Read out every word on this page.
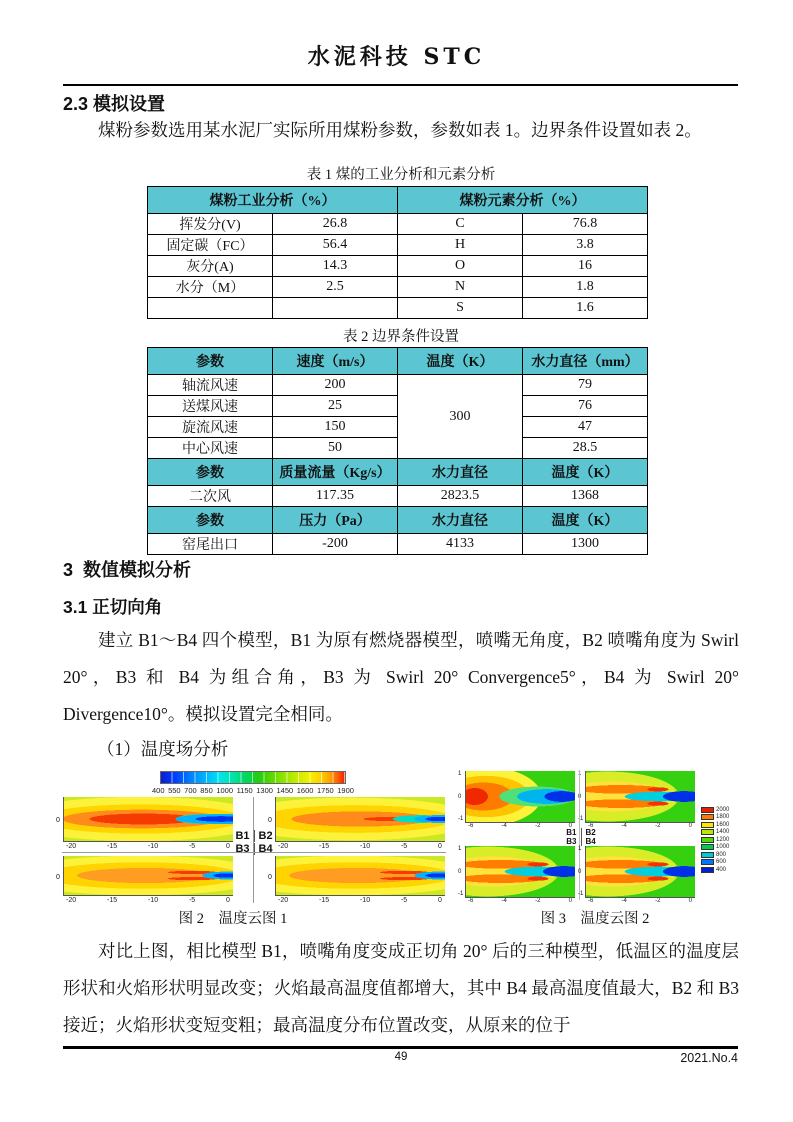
水泥科技 STC
2.3 模拟设置
煤粉参数选用某水泥厂实际所用煤粉参数，参数如表 1。边界条件设置如表 2。
表 1 煤的工业分析和元素分析
煤粉工业分析（%）		煤粉元素分析（%）	
挥发分(V)	26.8	C	76.8
固定碳（FC）	56.4	H	3.8
灰分(A)	14.3	O	16
水分（M）	2.5	N	1.8
		S	1.6
表 2 边界条件设置
参数	速度（m/s）	温度（K）	水力直径（mm）
轴流风速	200	300	79
送煤风速	25		76
旋流风速	150		47
中心风速	50		28.5
参数	质量流量（Kg/s）	水力直径	温度（K）
二次风	117.35	2823.5	1368
参数	压力（Pa）	水力直径	温度（K）
窑尾出口	-200	4133	1300
3  数值模拟分析
3.1 正切向角
建立 B1～B4 四个模型，B1 为原有燃烧器模型，喷嘴无角度，B2 喷嘴角度为 Swirl 20°，B3 和 B4 为组合角，B3 为 Swirl 20° Convergence5°，B4 为 Swirl 20° Divergence10°。模拟设置完全相同。
（1）温度场分析
400 550 700 850 1000 1150 1300 1450 1600 1750 1900
0
-20	-15	-10	-5	0
0
-20	-15	-10	-5	0
B1 B2
B3 B4
0
-20	-15	-10	-5	0
0
-20	-15	-10	-5	0
1
0
-1
-6	-4	-2	0
1
0
-1
-6	-4	-2	0
B1	B2
B3	B4
1
0
-1
-6	-4	-2	0
1
0
-1
-6	-4	-2	0
2000
1800
1600
1400
1200
1000
800
600
400
图 2　温度云图 1	图 3　温度云图 2
对比上图，相比模型 B1，喷嘴角度变成正切角 20° 后的三种模型，低温区的温度层形状和火焰形状明显改变；火焰最高温度值都增大，其中 B4 最高温度值最大，B2 和 B3 接近；火焰形状变短变粗；最高温度分布位置改变，从原来的位于
49	2021.No.4
